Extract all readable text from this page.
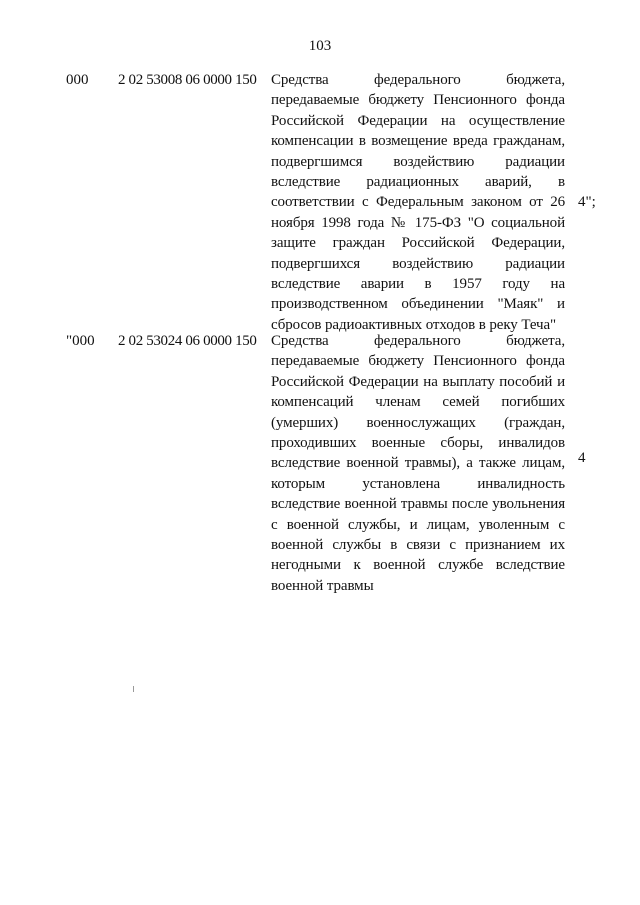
103
000 2 02 53008 06 0000 150 Средства федерального бюджета, передаваемые бюджету Пенсионного фонда Российской Федерации на осуществление компенсации в возмещение вреда гражданам, подвергшимся воздействию радиации вследствие радиационных аварий, в соответствии с Федеральным законом от 26 ноября 1998 года № 175-ФЗ "О социальной защите граждан Российской Федерации, подвергшихся воздействию радиации вследствие аварии в 1957 году на производственном объединении "Маяк" и сбросов радиоактивных отходов в реку Теча"
4";
"000 2 02 53024 06 0000 150 Средства федерального бюджета, передаваемые бюджету Пенсионного фонда Российской Федерации на выплату пособий и компенсаций членам семей погибших (умерших) военнослужащих (граждан, проходивших военные сборы, инвалидов вследствие военной травмы), а также лицам, которым установлена инвалидность вследствие военной травмы после увольнения с военной службы, и лицам, уволенным с военной службы в связи с признанием их негодными к военной службе вследствие военной травмы
4
